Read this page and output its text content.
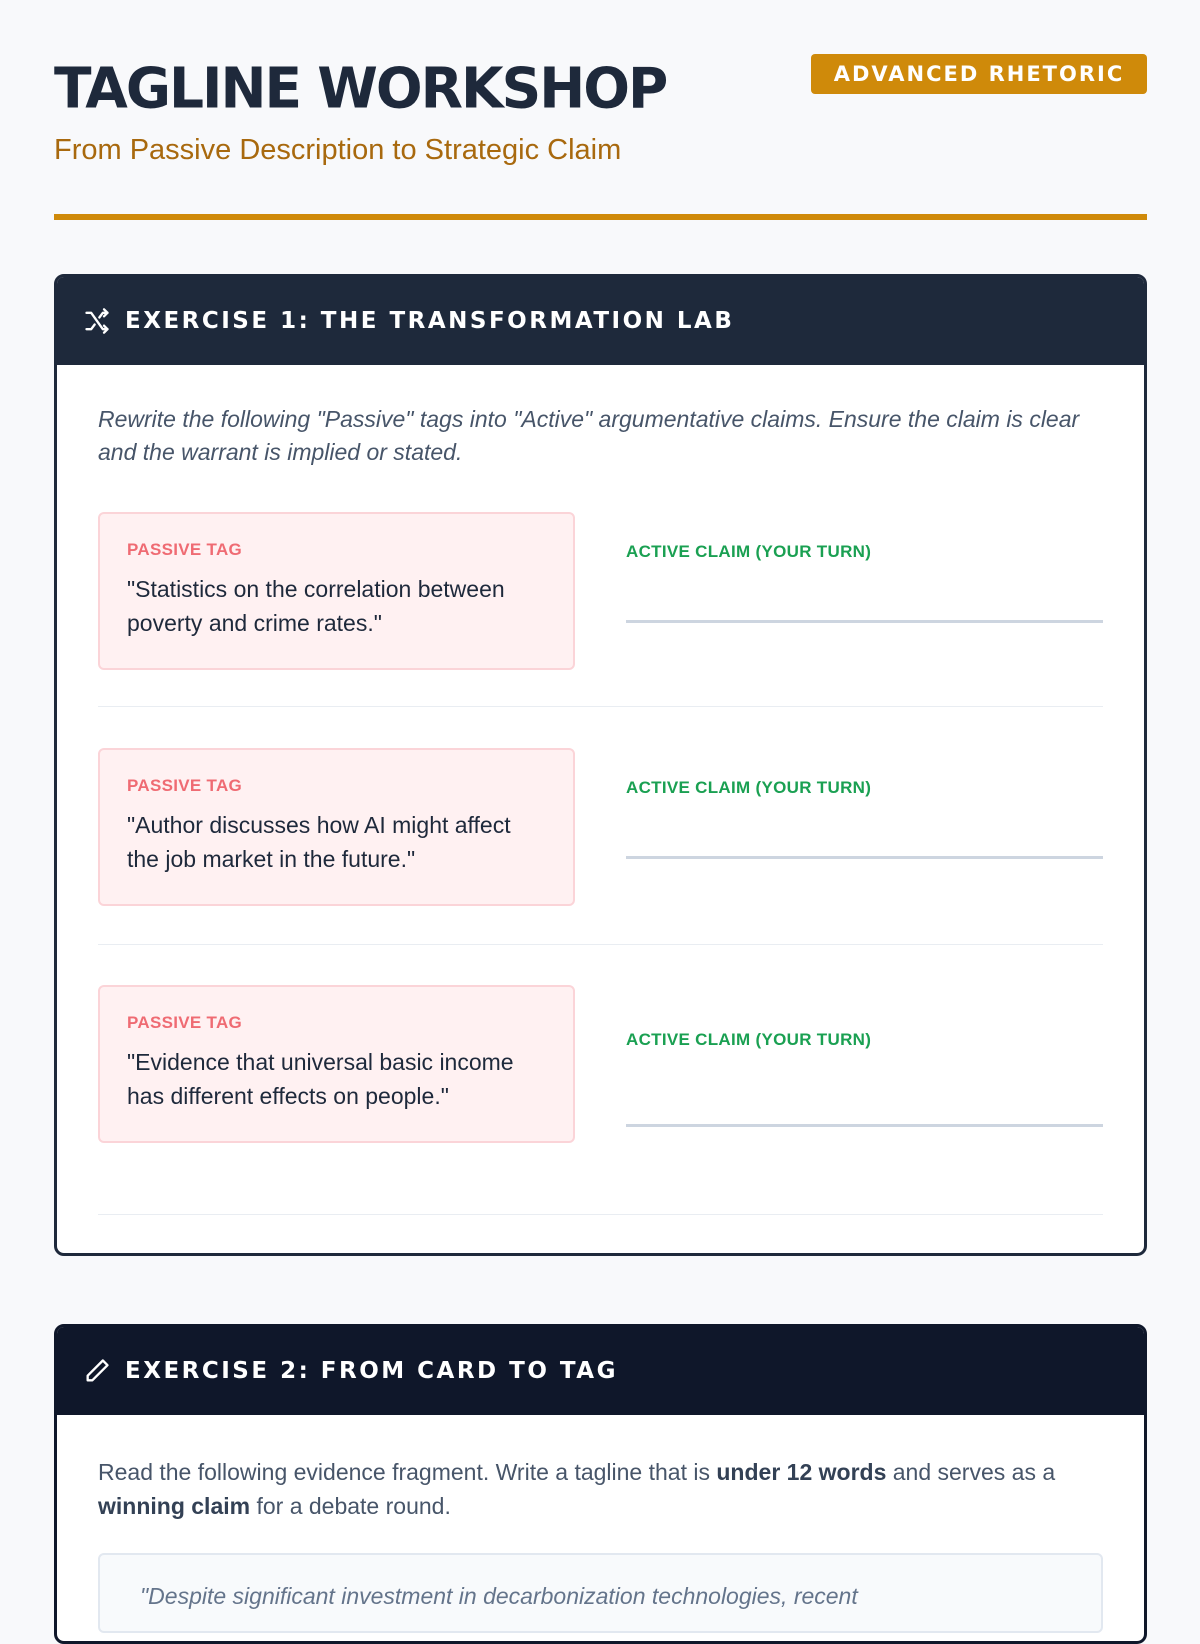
TAGLINE WORKSHOP
From Passive Description to Strategic Claim
ADVANCED RHETORIC
EXERCISE 1: THE TRANSFORMATION LAB

Rewrite the following "Passive" tags into "Active" argumentative claims. Ensure the claim is clear and the warrant is implied or stated.

PASSIVE TAG
"Statistics on the correlation between poverty and crime rates."
ACTIVE CLAIM (YOUR TURN)
PASSIVE TAG
"Author discusses how AI might affect the job market in the future."
ACTIVE CLAIM (YOUR TURN)
PASSIVE TAG
"Evidence that universal basic income has different effects on people."
ACTIVE CLAIM (YOUR TURN)
EXERCISE 2: FROM CARD TO TAG

Read the following evidence fragment. Write a tagline that is under 12 words and serves as a winning claim for a debate round.

"Despite significant investment in decarbonization technologies, recent
